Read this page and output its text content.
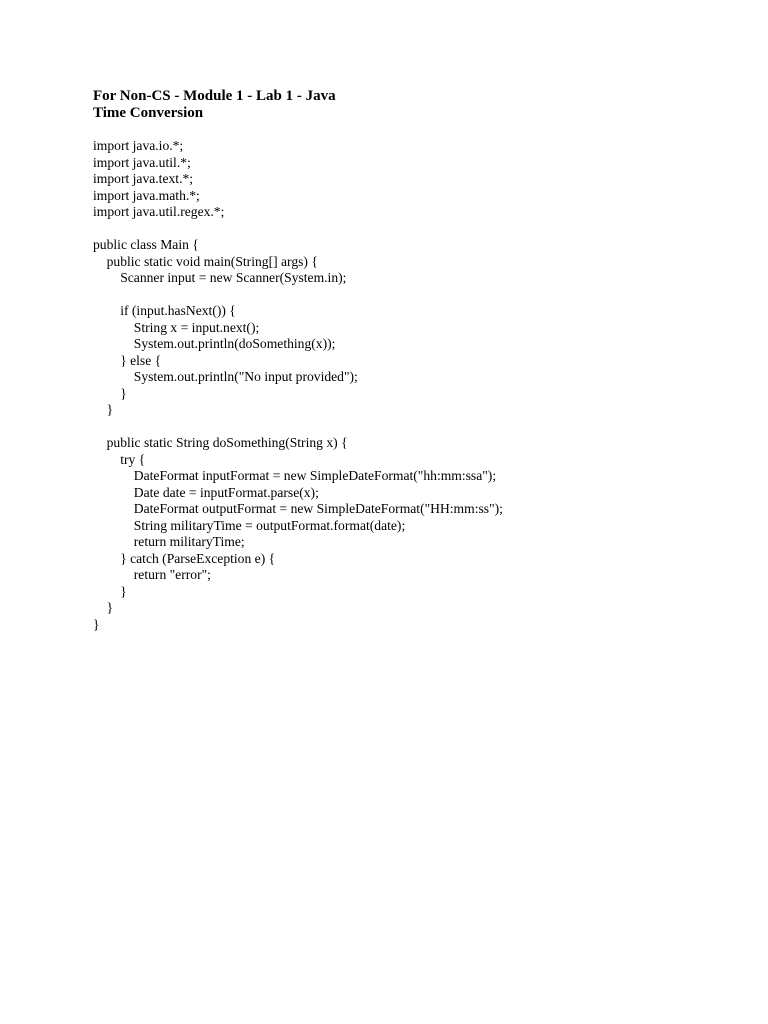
For Non-CS - Module 1 - Lab 1 - Java
Time Conversion
import java.io.*;
import java.util.*;
import java.text.*;
import java.math.*;
import java.util.regex.*;
public class Main {
public static void main(String[] args) {
Scanner input = new Scanner(System.in);
if (input.hasNext()) {
String x = input.next();
System.out.println(doSomething(x));
} else {
System.out.println("No input provided");
}
}
public static String doSomething(String x) {
try {
DateFormat inputFormat = new SimpleDateFormat("hh:mm:ssa");
Date date = inputFormat.parse(x);
DateFormat outputFormat = new SimpleDateFormat("HH:mm:ss");
String militaryTime = outputFormat.format(date);
return militaryTime;
} catch (ParseException e) {
return "error";
}
}
}
